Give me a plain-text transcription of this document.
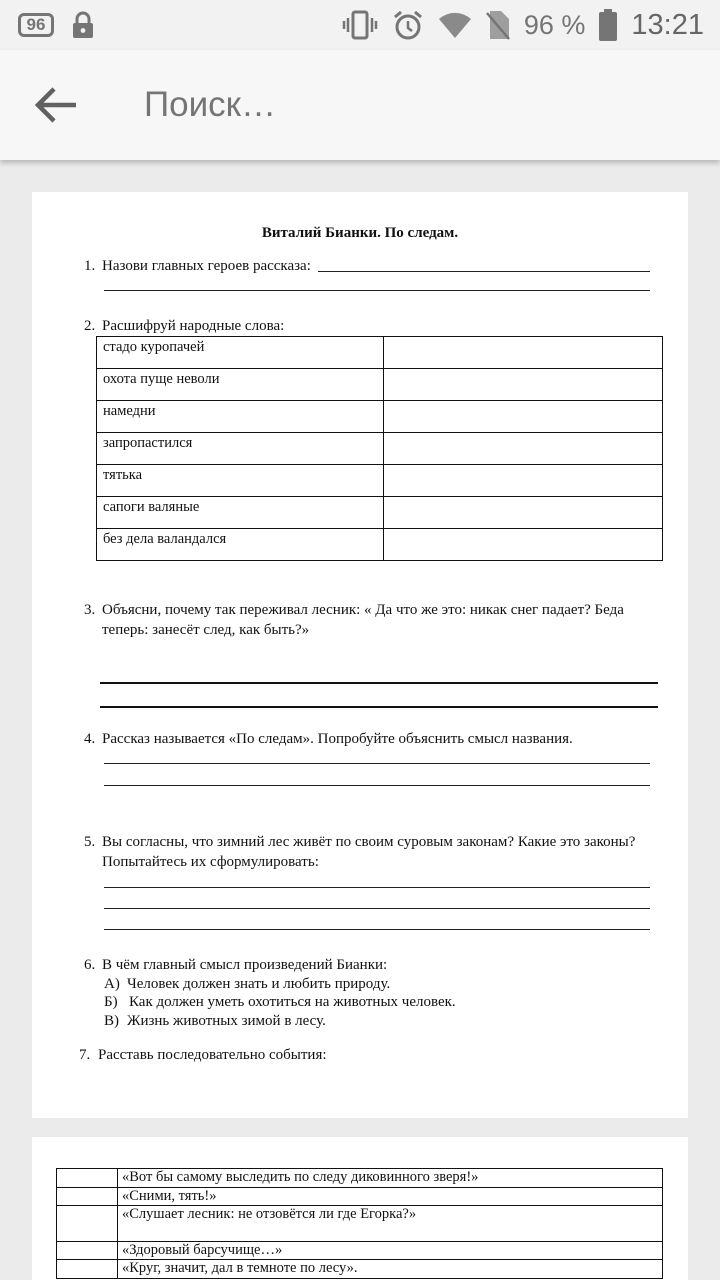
96	96 % 13:21
Поиск…
Виталий Бианки. По следам.
1. Назови главных героев рассказа:
2. Расшифруй народные слова:
стадо куропачей	
охота пуще неволи	
намедни	
запропастился	
тятька	
сапоги валяные	
без дела валандался	
3. Объясни, почему так переживал лесник: « Да что же это: никак снег падает? Беда
теперь: занесёт след, как быть?»
4. Рассказ называется «По следам». Попробуйте объяснить смысл названия.
5. Вы согласны, что зимний лес живёт по своим суровым законам? Какие это законы?
Попытайтесь их сформулировать:
6. В чём главный смысл произведений Бианки:
А) Человек должен знать и любить природу.
Б) Как должен уметь охотиться на животных человек.
В) Жизнь животных зимой в лесу.
7. Расставь последовательно события:
	«Вот бы самому выследить по следу диковинного зверя!»
	«Сними, тять!»
	«Слушает лесник: не отзовётся ли где Егорка?»
	«Здоровый барсучище…»
	«Круг, значит, дал в темноте по лесу».
